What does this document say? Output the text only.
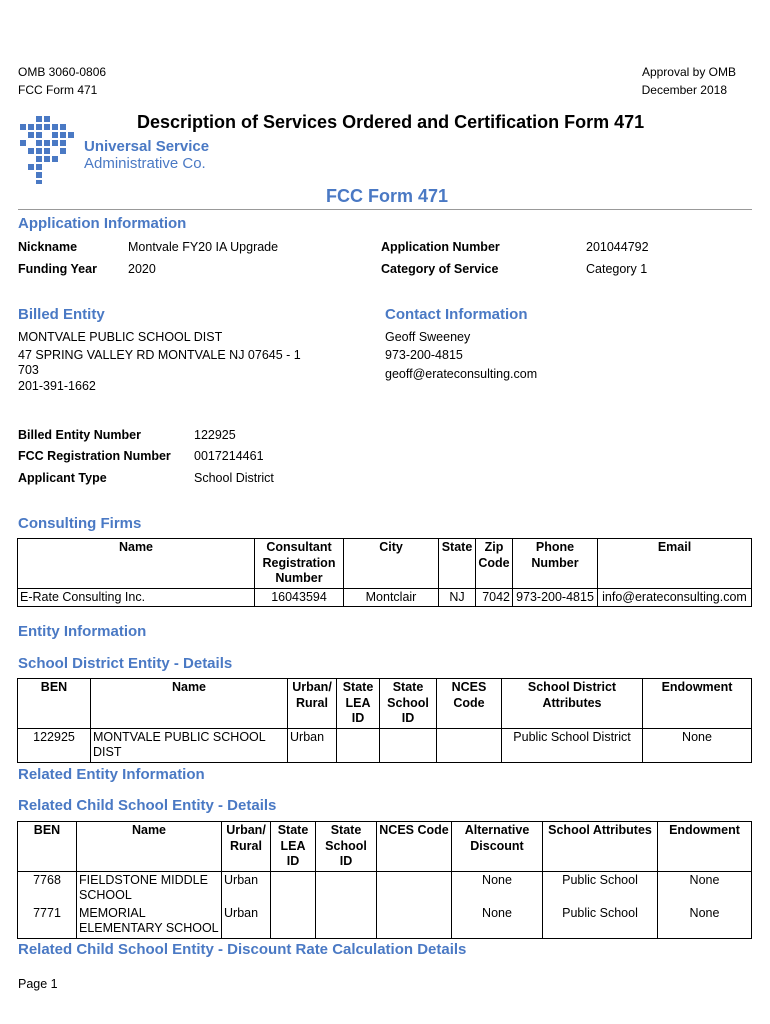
OMB 3060-0806
FCC Form 471
Approval by OMB
December 2018
Universal Service
Administrative Co.
Description of Services Ordered and Certification Form 471
FCC Form 471
Application Information
Nickname	Montvale FY20 IA Upgrade	Application Number	201044792
Funding Year 2020	Category of Service	Category 1
Billed Entity
MONTVALE PUBLIC SCHOOL DIST
47 SPRING VALLEY RD MONTVALE NJ 07645 - 1
703
201-391-1662
Contact Information
Geoff Sweeney
973-200-4815
geoff@erateconsulting.com
Billed Entity Number	122925
FCC Registration Number 0017214461
Applicant Type	School District
Consulting Firms
Name	Consultant
Registration
Number	City	State	Zip
Code	Phone
Number	Email
E-Rate Consulting Inc.	16043594	Montclair	NJ	7042	973-200-4815	info@erateconsulting.com
Entity Information
School District Entity - Details
BEN	Name	Urban/
Rural	State
LEA ID	State
School
ID	NCES
Code	School District
Attributes	Endowment
122925	MONTVALE PUBLIC SCHOOL DIST	Urban				Public School District	None
Related Entity Information
Related Child School Entity - Details
BEN	Name	Urban/
Rural	State
LEA ID	State
School ID	NCES Code	Alternative
Discount	School Attributes	Endowment
7768	FIELDSTONE MIDDLE SCHOOL	Urban				None	Public School	None
7771	MEMORIAL ELEMENTARY SCHOOL	Urban				None	Public School	None
Related Child School Entity - Discount Rate Calculation Details
Page 1
